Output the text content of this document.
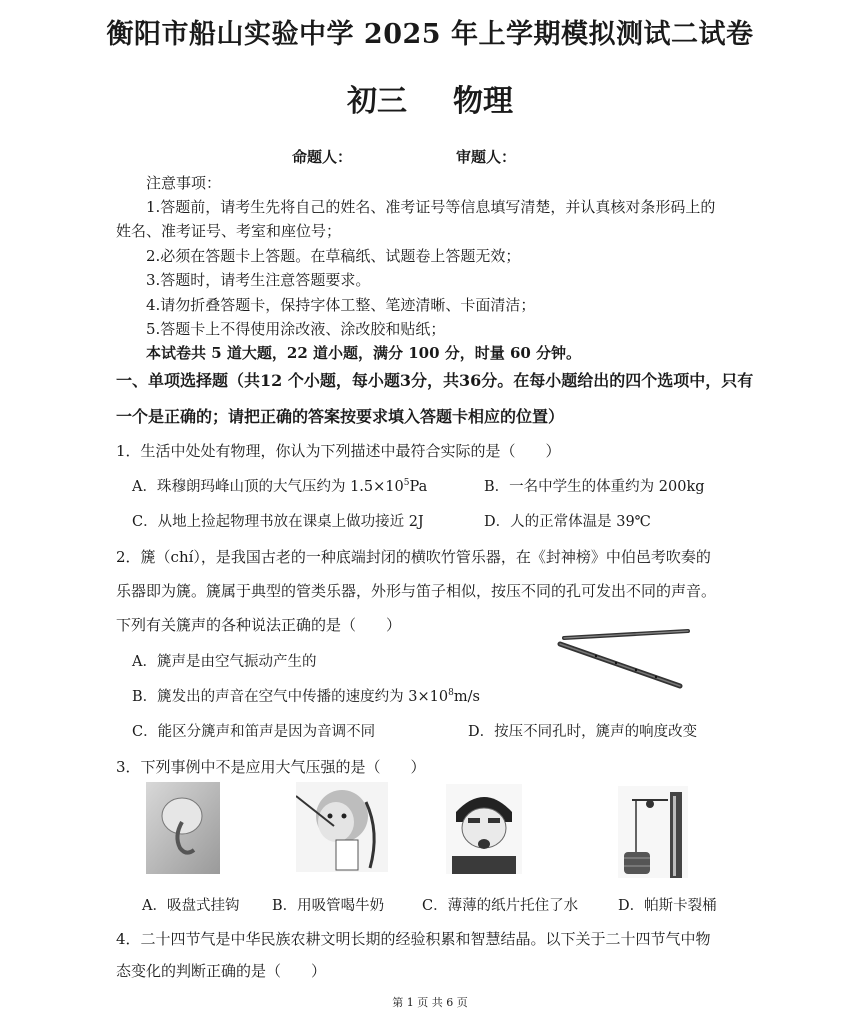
衡阳市船山实验中学 2025 年上学期模拟测试二试卷
初三 物理
命题人：	审题人：
注意事项：
1.答题前，请考生先将自己的姓名、准考证号等信息填写清楚，并认真核对条形码上的
姓名、准考证号、考室和座位号；
2.必须在答题卡上答题。在草稿纸、试题卷上答题无效；
3.答题时，请考生注意答题要求。
4.请勿折叠答题卡，保持字体工整、笔迹清晰、卡面清洁；
5.答题卡上不得使用涂改液、涂改胶和贴纸；
本试卷共 5 道大题，22 道小题，满分 100 分，时量 60 分钟。
一、单项选择题（共12 个小题，每小题3分，共36分。在每小题给出的四个选项中，只有
一个是正确的；请把正确的答案按要求填入答题卡相应的位置）
1．生活中处处有物理，你认为下列描述中最符合实际的是（　　）
A．珠穆朗玛峰山顶的大气压约为 $1.5\times 10^5Pa$	B．一名中学生的体重约为 200kg
C．从地上捡起物理书放在课桌上做功接近 2J	D．人的正常体温是 39℃
2．篪（chí），是我国古老的一种底端封闭的横吹竹管乐器，在《封神榜》中伯邑考吹奏的
乐器即为篪。篪属于典型的管类乐器，外形与笛子相似，按压不同的孔可发出不同的声音。
下列有关篪声的各种说法正确的是（　　）
A．篪声是由空气振动产生的
B．篪发出的声音在空气中传播的速度约为 $3\times 10^8m/s$
C．能区分篪声和笛声是因为音调不同	D．按压不同孔时，篪声的响度改变
3．下列事例中不是应用大气压强的是（　　）
A．吸盘式挂钩 B．用吸管喝牛奶	C．薄薄的纸片托住了水	D．帕斯卡裂桶
4．二十四节气是中华民族农耕文明长期的经验积累和智慧结晶。以下关于二十四节气中物
态变化的判断正确的是（　　）
第 1 页 共 6 页
